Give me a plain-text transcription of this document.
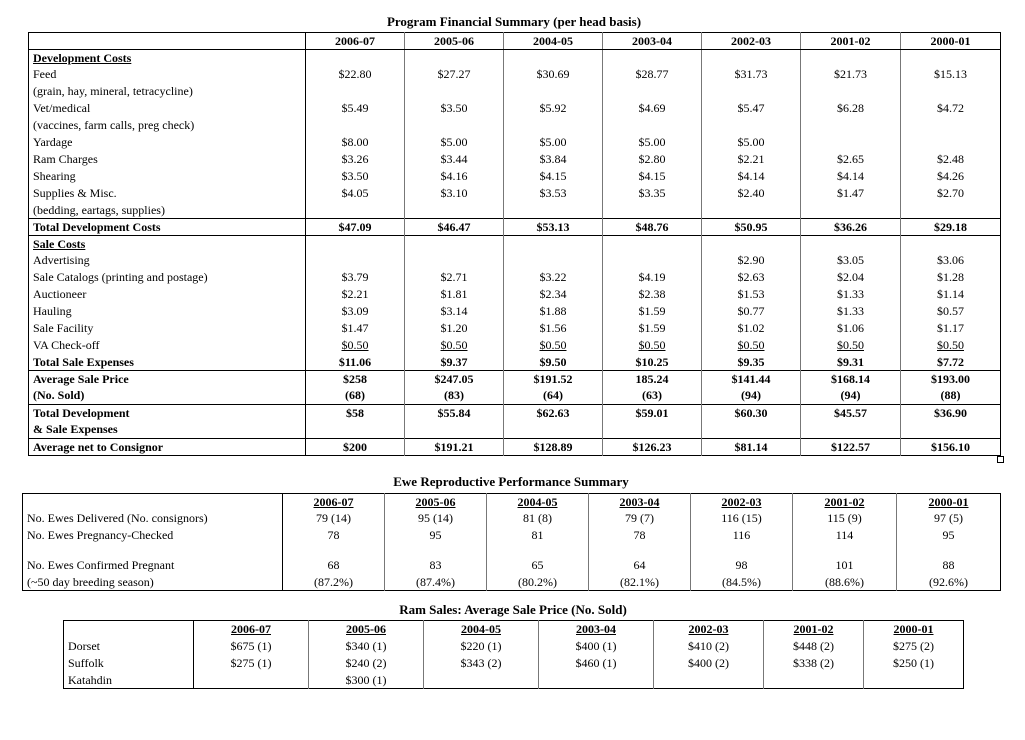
Program Financial Summary (per head basis)
	2006-07	2005-06	2004-05	2003-04	2002-03	2001-02	2000-01
Development Costs							
Feed	$22.80	$27.27	$30.69	$28.77	$31.73	$21.73	$15.13
(grain, hay, mineral, tetracycline)							
Vet/medical	$5.49	$3.50	$5.92	$4.69	$5.47	$6.28	$4.72
(vaccines, farm calls, preg check)							
Yardage	$8.00	$5.00	$5.00	$5.00	$5.00		
Ram Charges	$3.26	$3.44	$3.84	$2.80	$2.21	$2.65	$2.48
Shearing	$3.50	$4.16	$4.15	$4.15	$4.14	$4.14	$4.26
Supplies & Misc.	$4.05	$3.10	$3.53	$3.35	$2.40	$1.47	$2.70
(bedding, eartags, supplies)							
Total Development Costs	$47.09	$46.47	$53.13	$48.76	$50.95	$36.26	$29.18
Sale Costs							
Advertising					$2.90	$3.05	$3.06
Sale Catalogs (printing and postage)	$3.79	$2.71	$3.22	$4.19	$2.63	$2.04	$1.28
Auctioneer	$2.21	$1.81	$2.34	$2.38	$1.53	$1.33	$1.14
Hauling	$3.09	$3.14	$1.88	$1.59	$0.77	$1.33	$0.57
Sale Facility	$1.47	$1.20	$1.56	$1.59	$1.02	$1.06	$1.17
VA Check-off	$0.50	$0.50	$0.50	$0.50	$0.50	$0.50	$0.50
Total Sale Expenses	$11.06	$9.37	$9.50	$10.25	$9.35	$9.31	$7.72
Average Sale Price	$258	$247.05	$191.52	185.24	$141.44	$168.14	$193.00
(No. Sold)	(68)	(83)	(64)	(63)	(94)	(94)	(88)
Total Development	$58	$55.84	$62.63	$59.01	$60.30	$45.57	$36.90
& Sale Expenses							
Average net to Consignor	$200	$191.21	$128.89	$126.23	$81.14	$122.57	$156.10
Ewe Reproductive Performance Summary
	2006-07	2005-06	2004-05	2003-04	2002-03	2001-02	2000-01
No. Ewes Delivered (No. consignors)	79 (14)	95 (14)	81 (8)	79 (7)	116 (15)	115 (9)	97 (5)
No. Ewes Pregnancy-Checked	78	95	81	78	116	114	95

No. Ewes Confirmed Pregnant	68	83	65	64	98	101	88
(~50 day breeding season)	(87.2%)	(87.4%)	(80.2%)	(82.1%)	(84.5%)	(88.6%)	(92.6%)
Ram Sales: Average Sale Price (No. Sold)
	2006-07	2005-06	2004-05	2003-04	2002-03	2001-02	2000-01
Dorset	$675 (1)	$340 (1)	$220 (1)	$400 (1)	$410 (2)	$448 (2)	$275 (2)
Suffolk	$275 (1)	$240 (2)	$343 (2)	$460 (1)	$400 (2)	$338 (2)	$250 (1)
Katahdin		$300 (1)					
